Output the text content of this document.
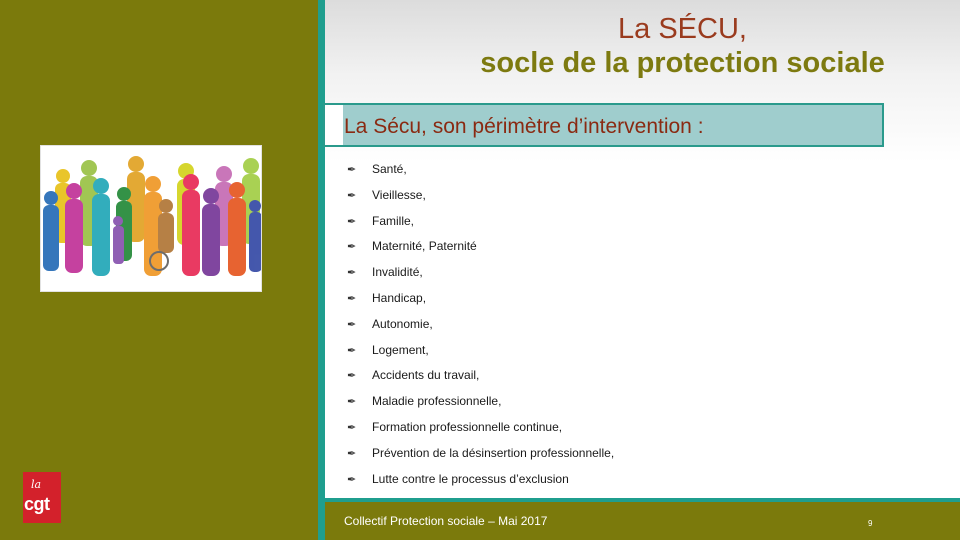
La SÉCU,
socle de la protection sociale
La Sécu, son périmètre d’intervention :
✒ Santé,
✒ Vieillesse,
✒ Famille,
✒ Maternité, Paternité
✒ Invalidité,
✒ Handicap,
✒ Autonomie,
✒ Logement,
✒ Accidents du travail,
✒ Maladie professionnelle,
✒ Formation professionnelle continue,
✒ Prévention de la désinsertion professionnelle,
✒ Lutte contre le processus d’exclusion
Collectif Protection sociale – Mai 2017	9
la
cgt
